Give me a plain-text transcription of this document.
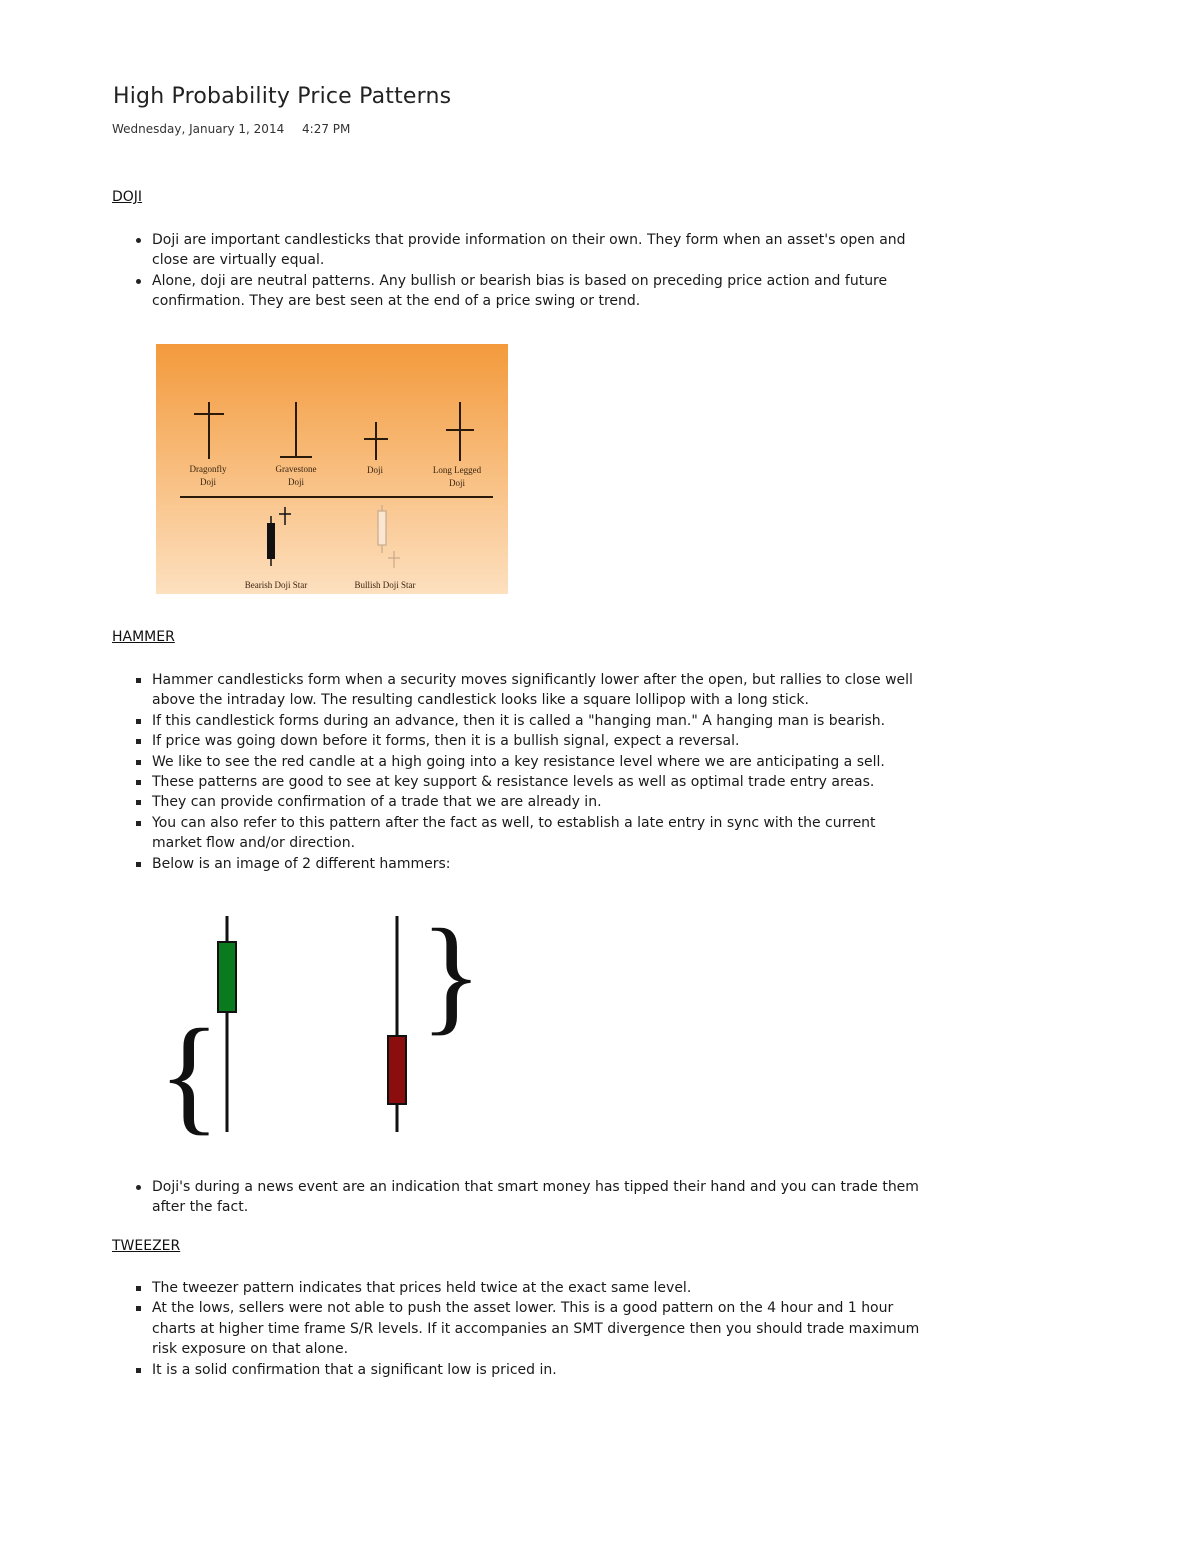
High Probability Price Patterns
Wednesday, January 1, 2014 4:27 PM
DOJI
Doji are important candlesticks that provide information on their own. They form when an asset's open and close are virtually equal.
Alone, doji are neutral patterns. Any bullish or bearish bias is based on preceding price action and future confirmation. They are best seen at the end of a price swing or trend.
Dragonfly
Doji
Gravestone
Doji
Doji	Long Legged
Doji
Bearish Doji Star	Bullish Doji Star
HAMMER
Hammer candlesticks form when a security moves significantly lower after the open, but rallies to close well above the intraday low. The resulting candlestick looks like a square lollipop with a long stick.
If this candlestick forms during an advance, then it is called a "hanging man." A hanging man is bearish.
If price was going down before it forms, then it is a bullish signal, expect a reversal.
We like to see the red candle at a high going into a key resistance level where we are anticipating a sell.
These patterns are good to see at key support & resistance levels as well as optimal trade entry areas.
They can provide confirmation of a trade that we are already in.
You can also refer to this pattern after the fact as well, to establish a late entry in sync with the current market flow and/or direction.
Below is an image of 2 different hammers:
{
}
Doji's during a news event are an indication that smart money has tipped their hand and you can trade them after the fact.
TWEEZER
The tweezer pattern indicates that prices held twice at the exact same level.
At the lows, sellers were not able to push the asset lower. This is a good pattern on the 4 hour and 1 hour charts at higher time frame S/R levels. If it accompanies an SMT divergence then you should trade maximum risk exposure on that alone.
It is a solid confirmation that a significant low is priced in.
